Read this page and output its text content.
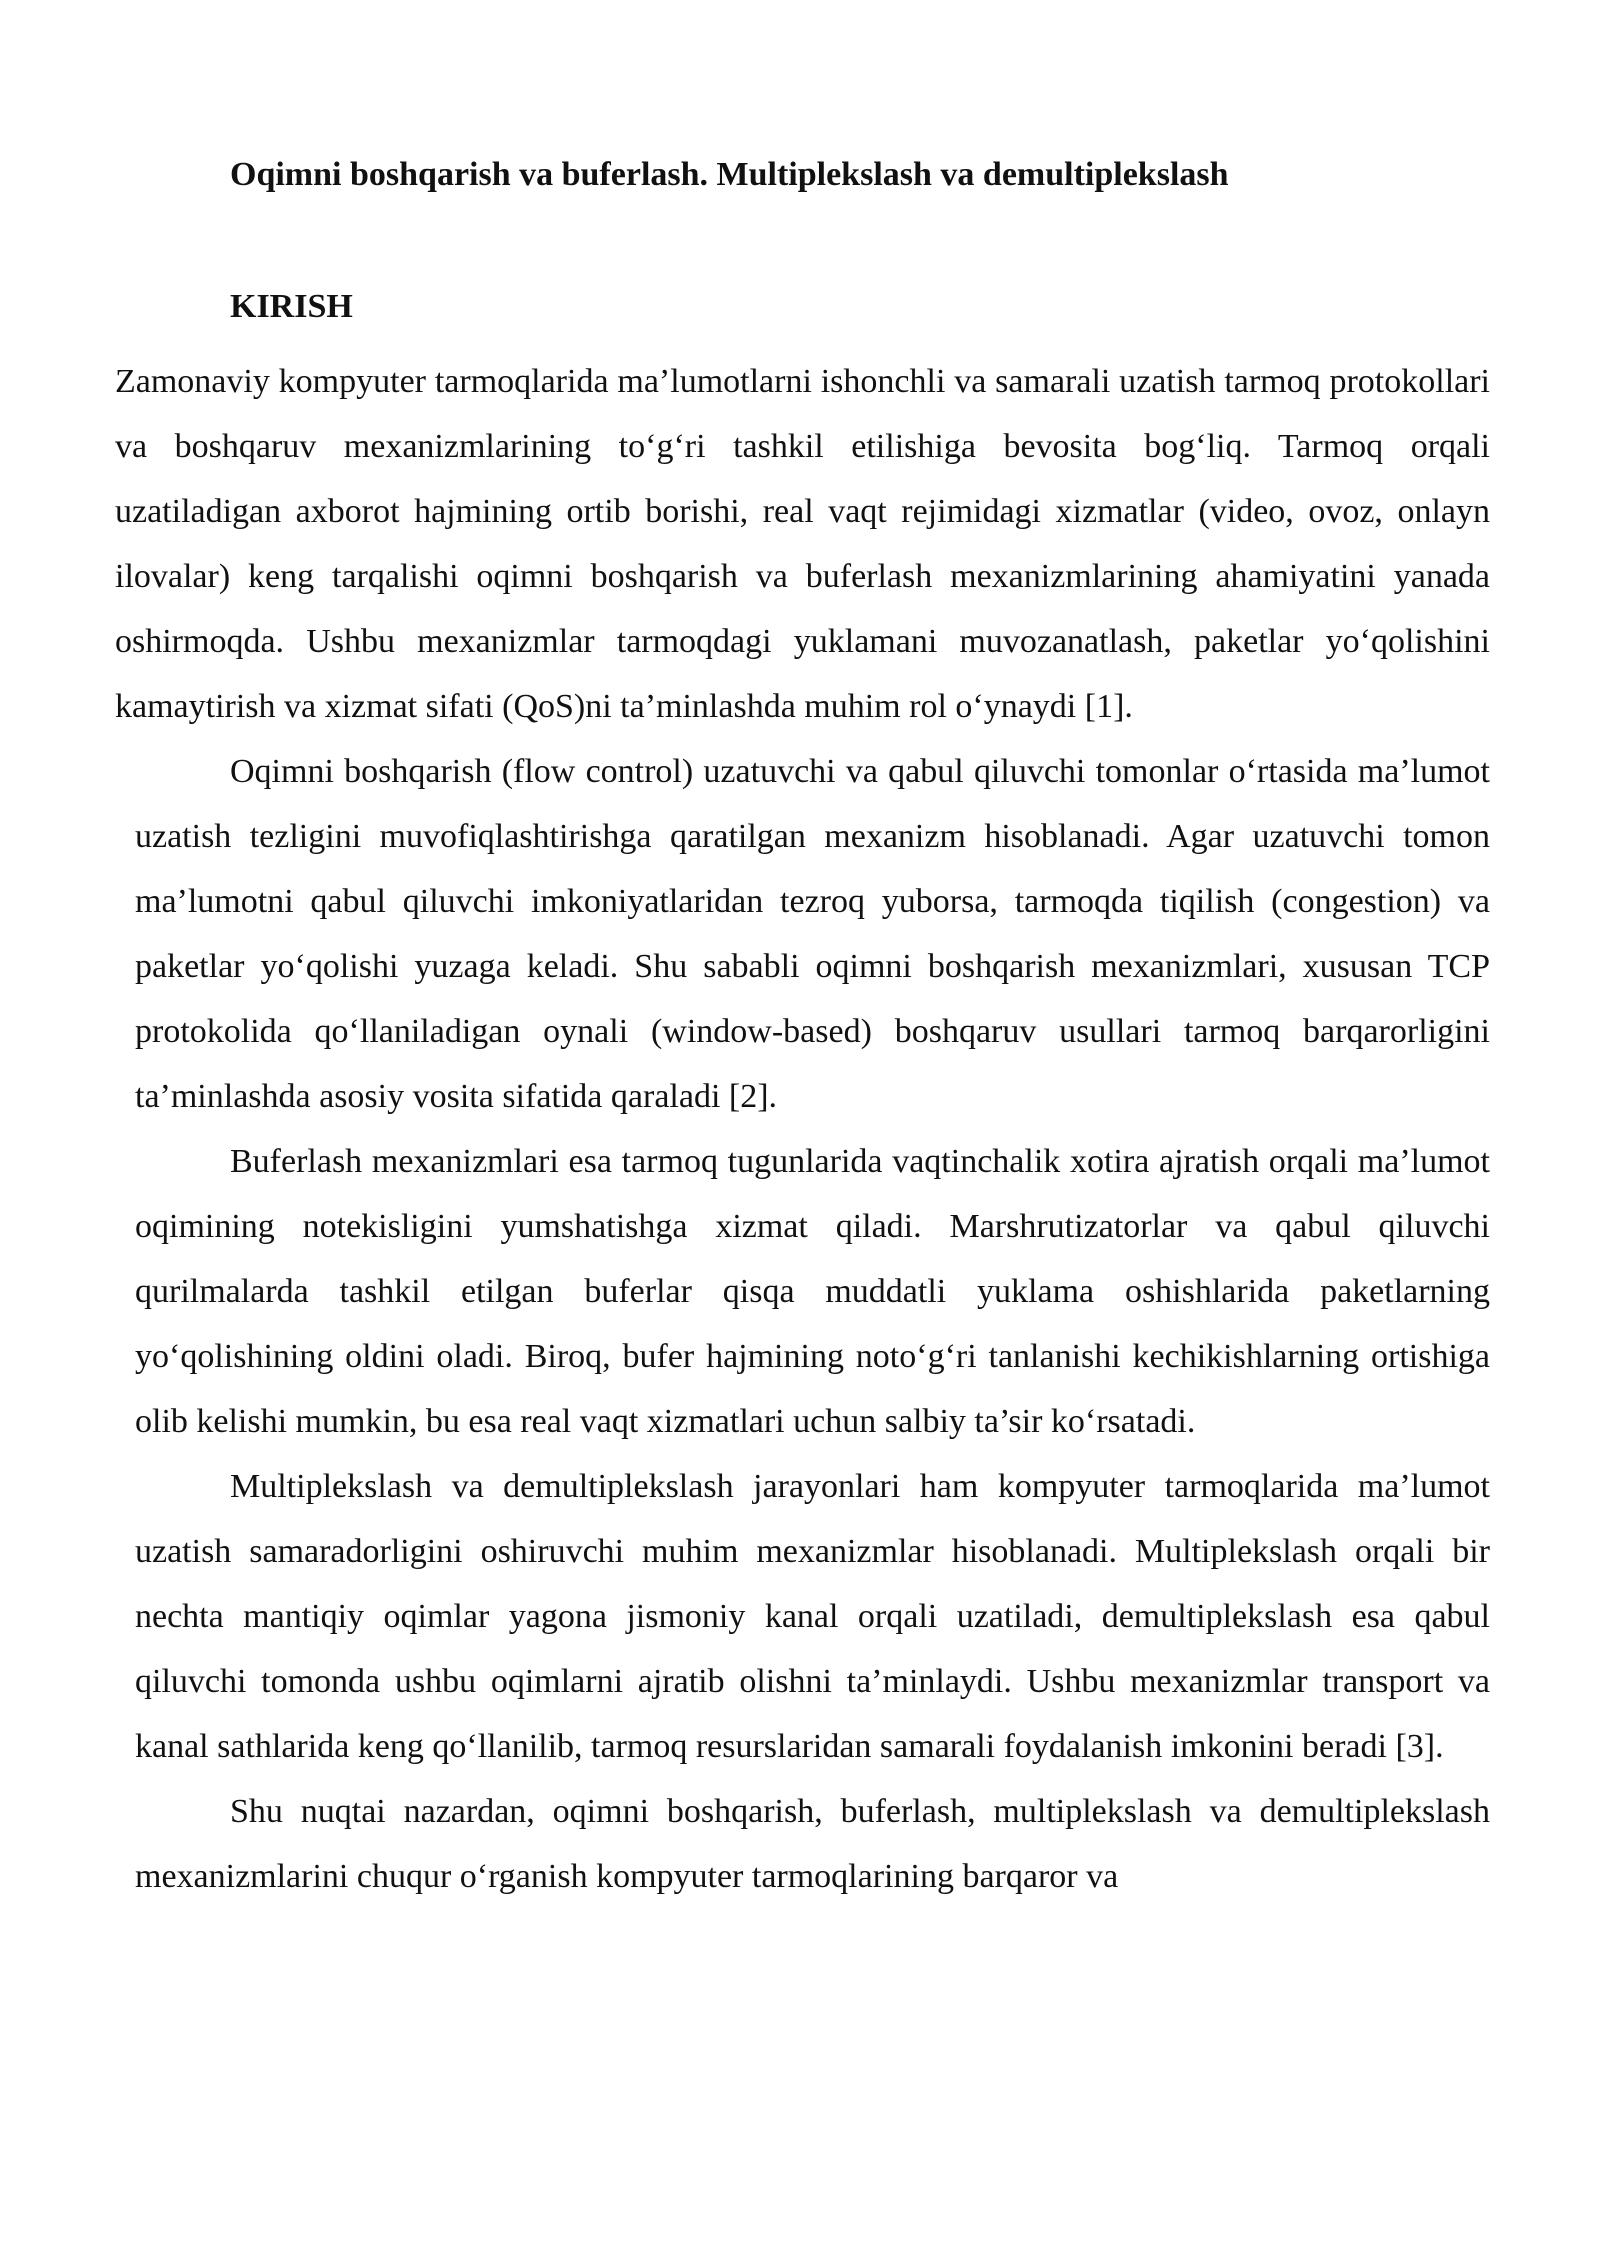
Oqimni boshqarish va buferlash. Multiplekslash va demultiplekslash
KIRISH

Zamonaviy kompyuter tarmoqlarida ma’lumotlarni ishonchli va samarali uzatish tarmoq protokollari va boshqaruv mexanizmlarining to‘g‘ri tashkil etilishiga bevosita bog‘liq. Tarmoq orqali uzatiladigan axborot hajmining ortib borishi, real vaqt rejimidagi xizmatlar (video, ovoz, onlayn ilovalar) keng tarqalishi oqimni boshqarish va buferlash mexanizmlarining ahamiyatini yanada oshirmoqda. Ushbu mexanizmlar tarmoqdagi yuklamani muvozanatlash, paketlar yo‘qolishini kamaytirish va xizmat sifati (QoS)ni ta’minlashda muhim rol o‘ynaydi [1].

Oqimni boshqarish (flow control) uzatuvchi va qabul qiluvchi tomonlar o‘rtasida ma’lumot uzatish tezligini muvofiqlashtirishga qaratilgan mexanizm hisoblanadi. Agar uzatuvchi tomon ma’lumotni qabul qiluvchi imkoniyatlaridan tezroq yuborsa, tarmoqda tiqilish (congestion) va paketlar yo‘qolishi yuzaga keladi. Shu sababli oqimni boshqarish mexanizmlari, xususan TCP protokolida qo‘llaniladigan oynali (window-based) boshqaruv usullari tarmoq barqarorligini ta’minlashda asosiy vosita sifatida qaraladi [2].

Buferlash mexanizmlari esa tarmoq tugunlarida vaqtinchalik xotira ajratish orqali ma’lumot oqimining notekisligini yumshatishga xizmat qiladi. Marshrutizatorlar va qabul qiluvchi qurilmalarda tashkil etilgan buferlar qisqa muddatli yuklama oshishlarida paketlarning yo‘qolishining oldini oladi. Biroq, bufer hajmining noto‘g‘ri tanlanishi kechikishlarning ortishiga olib kelishi mumkin, bu esa real vaqt xizmatlari uchun salbiy ta’sir ko‘rsatadi.

Multiplekslash va demultiplekslash jarayonlari ham kompyuter tarmoqlarida ma’lumot uzatish samaradorligini oshiruvchi muhim mexanizmlar hisoblanadi. Multiplekslash orqali bir nechta mantiqiy oqimlar yagona jismoniy kanal orqali uzatiladi, demultiplekslash esa qabul qiluvchi tomonda ushbu oqimlarni ajratib olishni ta’minlaydi. Ushbu mexanizmlar transport va kanal sathlarida keng qo‘llanilib, tarmoq resurslaridan samarali foydalanish imkonini beradi [3].

Shu nuqtai nazardan, oqimni boshqarish, buferlash, multiplekslash va demultiplekslash mexanizmlarini chuqur o‘rganish kompyuter tarmoqlarining barqaror va
